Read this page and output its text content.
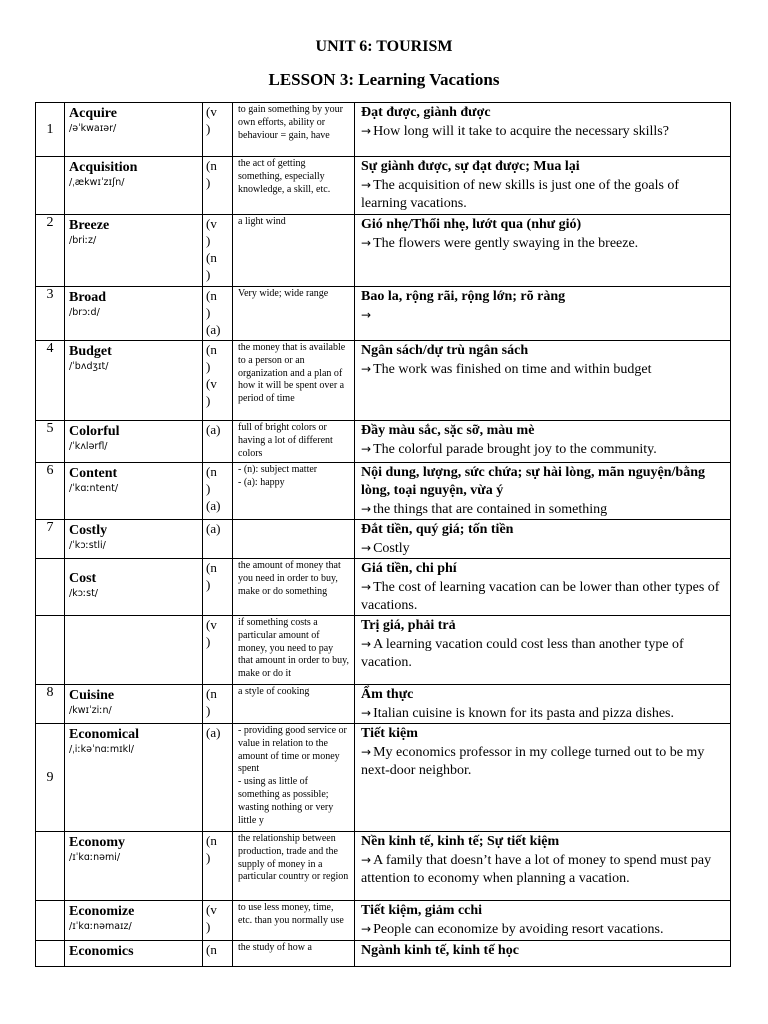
UNIT 6: TOURISM
LESSON 3: Learning Vacations
1	Acquire
/əˈkwaɪər/	(v
)	to gain something by your own efforts, ability or behaviour = gain, have	Đạt được, giành được
→ How long will it take to acquire the necessary skills?

	Acquisition
/ˌækwɪˈzɪʃn/	(n
)	the act of getting something, especially knowledge, a skill, etc.	Sự giành được, sự đạt được; Mua lại
→ The acquisition of new skills is just one of the goals of learning vacations.

2	Breeze
/briːz/	(v
)
(n
)	a light wind	Gió nhẹ/Thổi nhẹ, lướt qua (như gió)
→ The flowers were gently swaying in the breeze.

3	Broad
/brɔːd/	(n
)
(a)	Very wide; wide range	Bao la, rộng rãi, rộng lớn; rõ ràng
→

4	Budget
/ˈbʌdʒɪt/	(n
)
(v
)	the money that is available to a person or an organization and a plan of how it will be spent over a period of time	Ngân sách/dự trù ngân sách
→ The work was finished on time and within budget

5	Colorful
/ˈkʌlərfl/	(a)	full of bright colors or having a lot of different colors	Đầy màu sắc, sặc sỡ, màu mè
→ The colorful parade brought joy to the community.

6	Content
/ˈkɑːntent/	(n
)
(a)	- (n): subject matter
- (a): happy	Nội dung, lượng, sức chứa; sự hài lòng, mãn nguyện/bằng lòng, toại nguyện, vừa ý
→ the things that are contained in something

7	Costly
/ˈkɔːstli/	(a)		Đắt tiền, quý giá; tốn tiền
→ Costly

	Cost
/kɔːst/	(n
)	the amount of money that you need in order to buy, make or do something	Giá tiền, chi phí
→ The cost of learning vacation can be lower than other types of vacations.

	(v
)	if something costs a particular amount of money, you need to pay that amount in order to buy, make or do it	Trị giá, phải trả
→ A learning vacation could cost less than another type of vacation.

8	Cuisine
/kwɪˈziːn/	(n
)	a style of cooking	Ẩm thực
→ Italian cuisine is known for its pasta and pizza dishes.

9	Economical
/ˌiːkəˈnɑːmɪkl/	(a)	- providing good service or value in relation to the amount of time or money spent
- using as little of something as possible; wasting nothing or very little y	Tiết kiệm
→ My economics professor in my college turned out to be my next-door neighbor.

	Economy
/ɪˈkɑːnəmi/	(n
)	the relationship between production, trade and the supply of money in a particular country or region	Nền kinh tế, kinh tế; Sự tiết kiệm
→ A family that doesn’t have a lot of money to spend must pay attention to economy when planning a vacation.

	Economize
/ɪˈkɑːnəmaɪz/	(v
)	to use less money, time, etc. than you normally use	Tiết kiệm, giảm cchi
→ People can economize by avoiding resort vacations.

	Economics	(n	the study of how a	Ngành kinh tế, kinh tế học
